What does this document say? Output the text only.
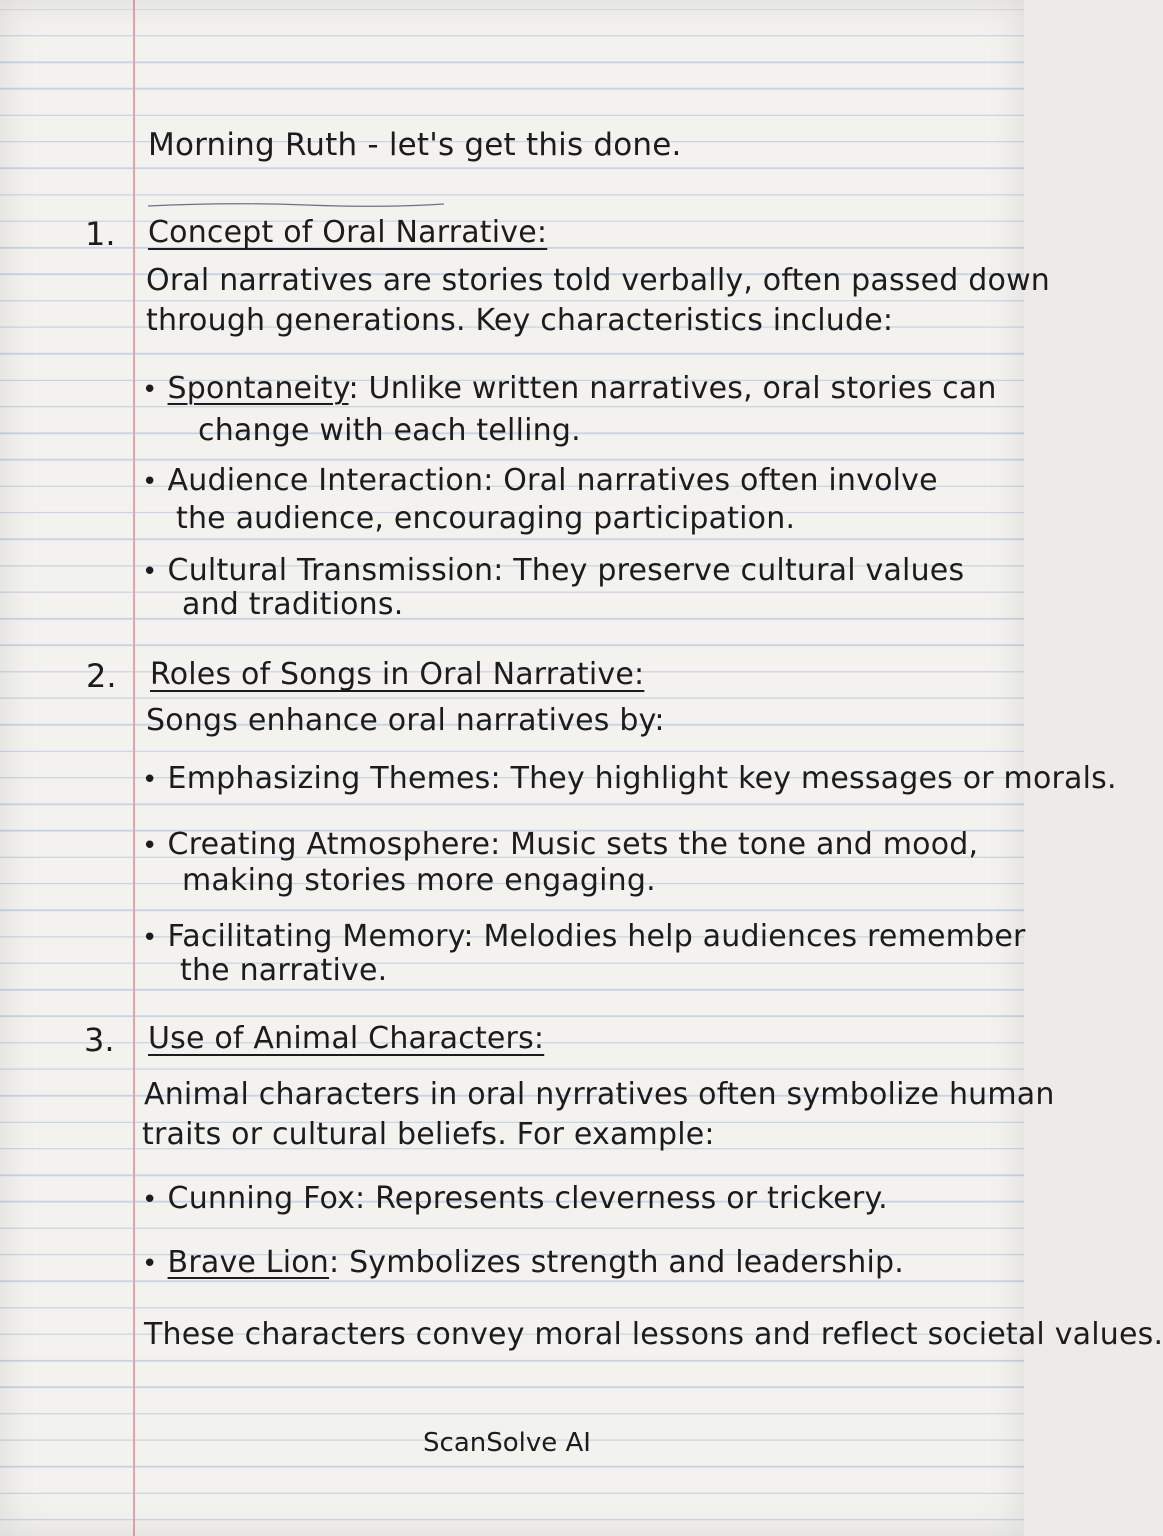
Morning Ruth - let's get this done.
1. Concept of Oral Narrative:
Oral narratives are stories told verbally, often passed down
through generations. Key characteristics include:
• Spontaneity: Unlike written narratives, oral stories can
change with each telling.
• Audience Interaction: Oral narratives often involve
the audience, encouraging participation.
• Cultural Transmission: They preserve cultural values
and traditions.
2. Roles of Songs in Oral Narrative:
Songs enhance oral narratives by:
• Emphasizing Themes: They highlight key messages or morals.
• Creating Atmosphere: Music sets the tone and mood,
making stories more engaging.
• Facilitating Memory: Melodies help audiences remember
the narrative.
3. Use of Animal Characters:
Animal characters in oral nyrratives often symbolize human
traits or cultural beliefs. For example:
• Cunning Fox: Represents cleverness or trickery.
• Brave Lion: Symbolizes strength and leadership.
These characters convey moral lessons and reflect societal values.
ScanSolve AI
